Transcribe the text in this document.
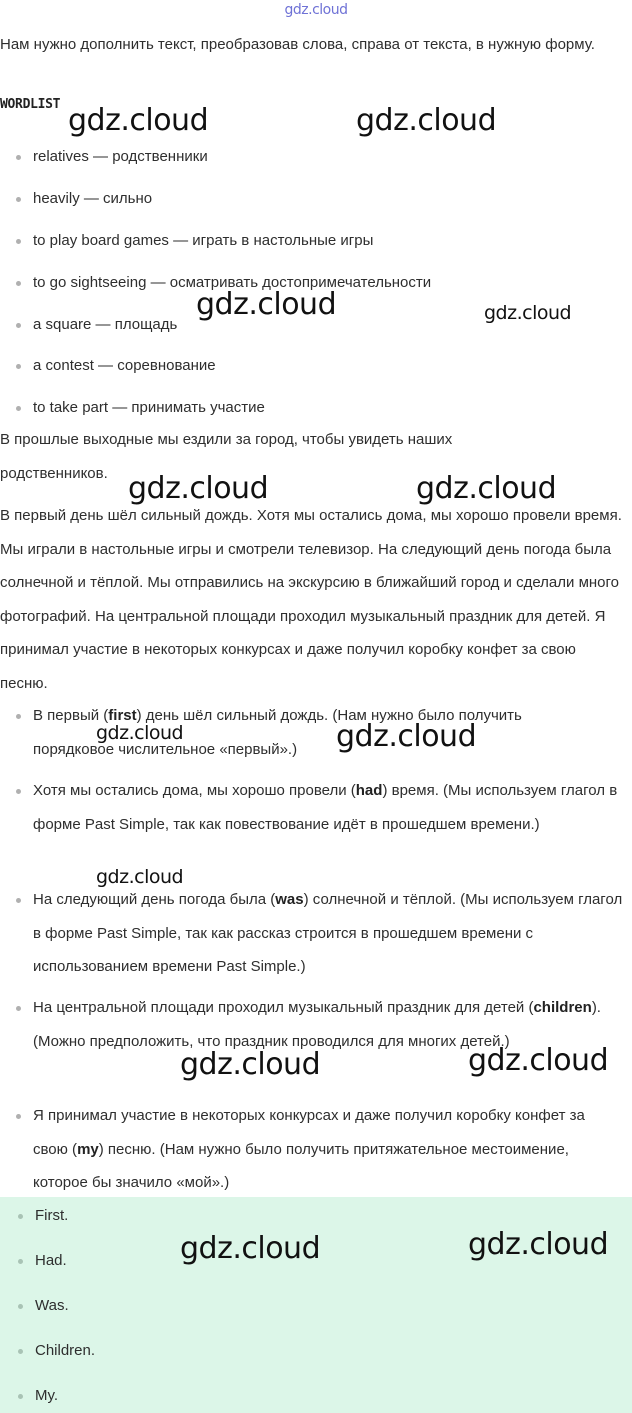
gdz.cloud
Нам нужно дополнить текст, преобразовав слова, справа от текста, в нужную форму.
WORDLIST
relatives — родственники
heavily — сильно
to play board games — играть в настольные игры
to go sightseeing — осматривать достопримечательности
a square — площадь
a contest — соревнование
to take part — принимать участие
В прошлые выходные мы ездили за город, чтобы увидеть наших родственников.
В первый день шёл сильный дождь. Хотя мы остались дома, мы хорошо провели время. Мы играли в настольные игры и смотрели телевизор. На следующий день погода была солнечной и тёплой. Мы отправились на экскурсию в ближайший город и сделали много фотографий. На центральной площади проходил музыкальный праздник для детей. Я принимал участие в некоторых конкурсах и даже получил коробку конфет за свою песню.
В первый (first) день шёл сильный дождь. (Нам нужно было получить порядковое числительное «первый».)
Хотя мы остались дома, мы хорошо провели (had) время. (Мы используем глагол в форме Past Simple, так как повествование идёт в прошедшем времени.)
На следующий день погода была (was) солнечной и тёплой. (Мы используем глагол в форме Past Simple, так как рассказ строится в прошедшем времени с использованием времени Past Simple.)
На центральной площади проходил музыкальный праздник для детей (children). (Можно предположить, что праздник проводился для многих детей.)
Я принимал участие в некоторых конкурсах и даже получил коробку конфет за свою (my) песню. (Нам нужно было получить притяжательное местоимение, которое бы значило «мой».)
First.
Had.
Was.
Children.
My.
gdz.cloud	gdz.cloud
gdz.cloud	gdz.cloud
gdz.cloud	gdz.cloud
gdz.cloud	gdz.cloud
gdz.cloud
gdz.cloud	gdz.cloud
gdz.cloud	gdz.cloud
